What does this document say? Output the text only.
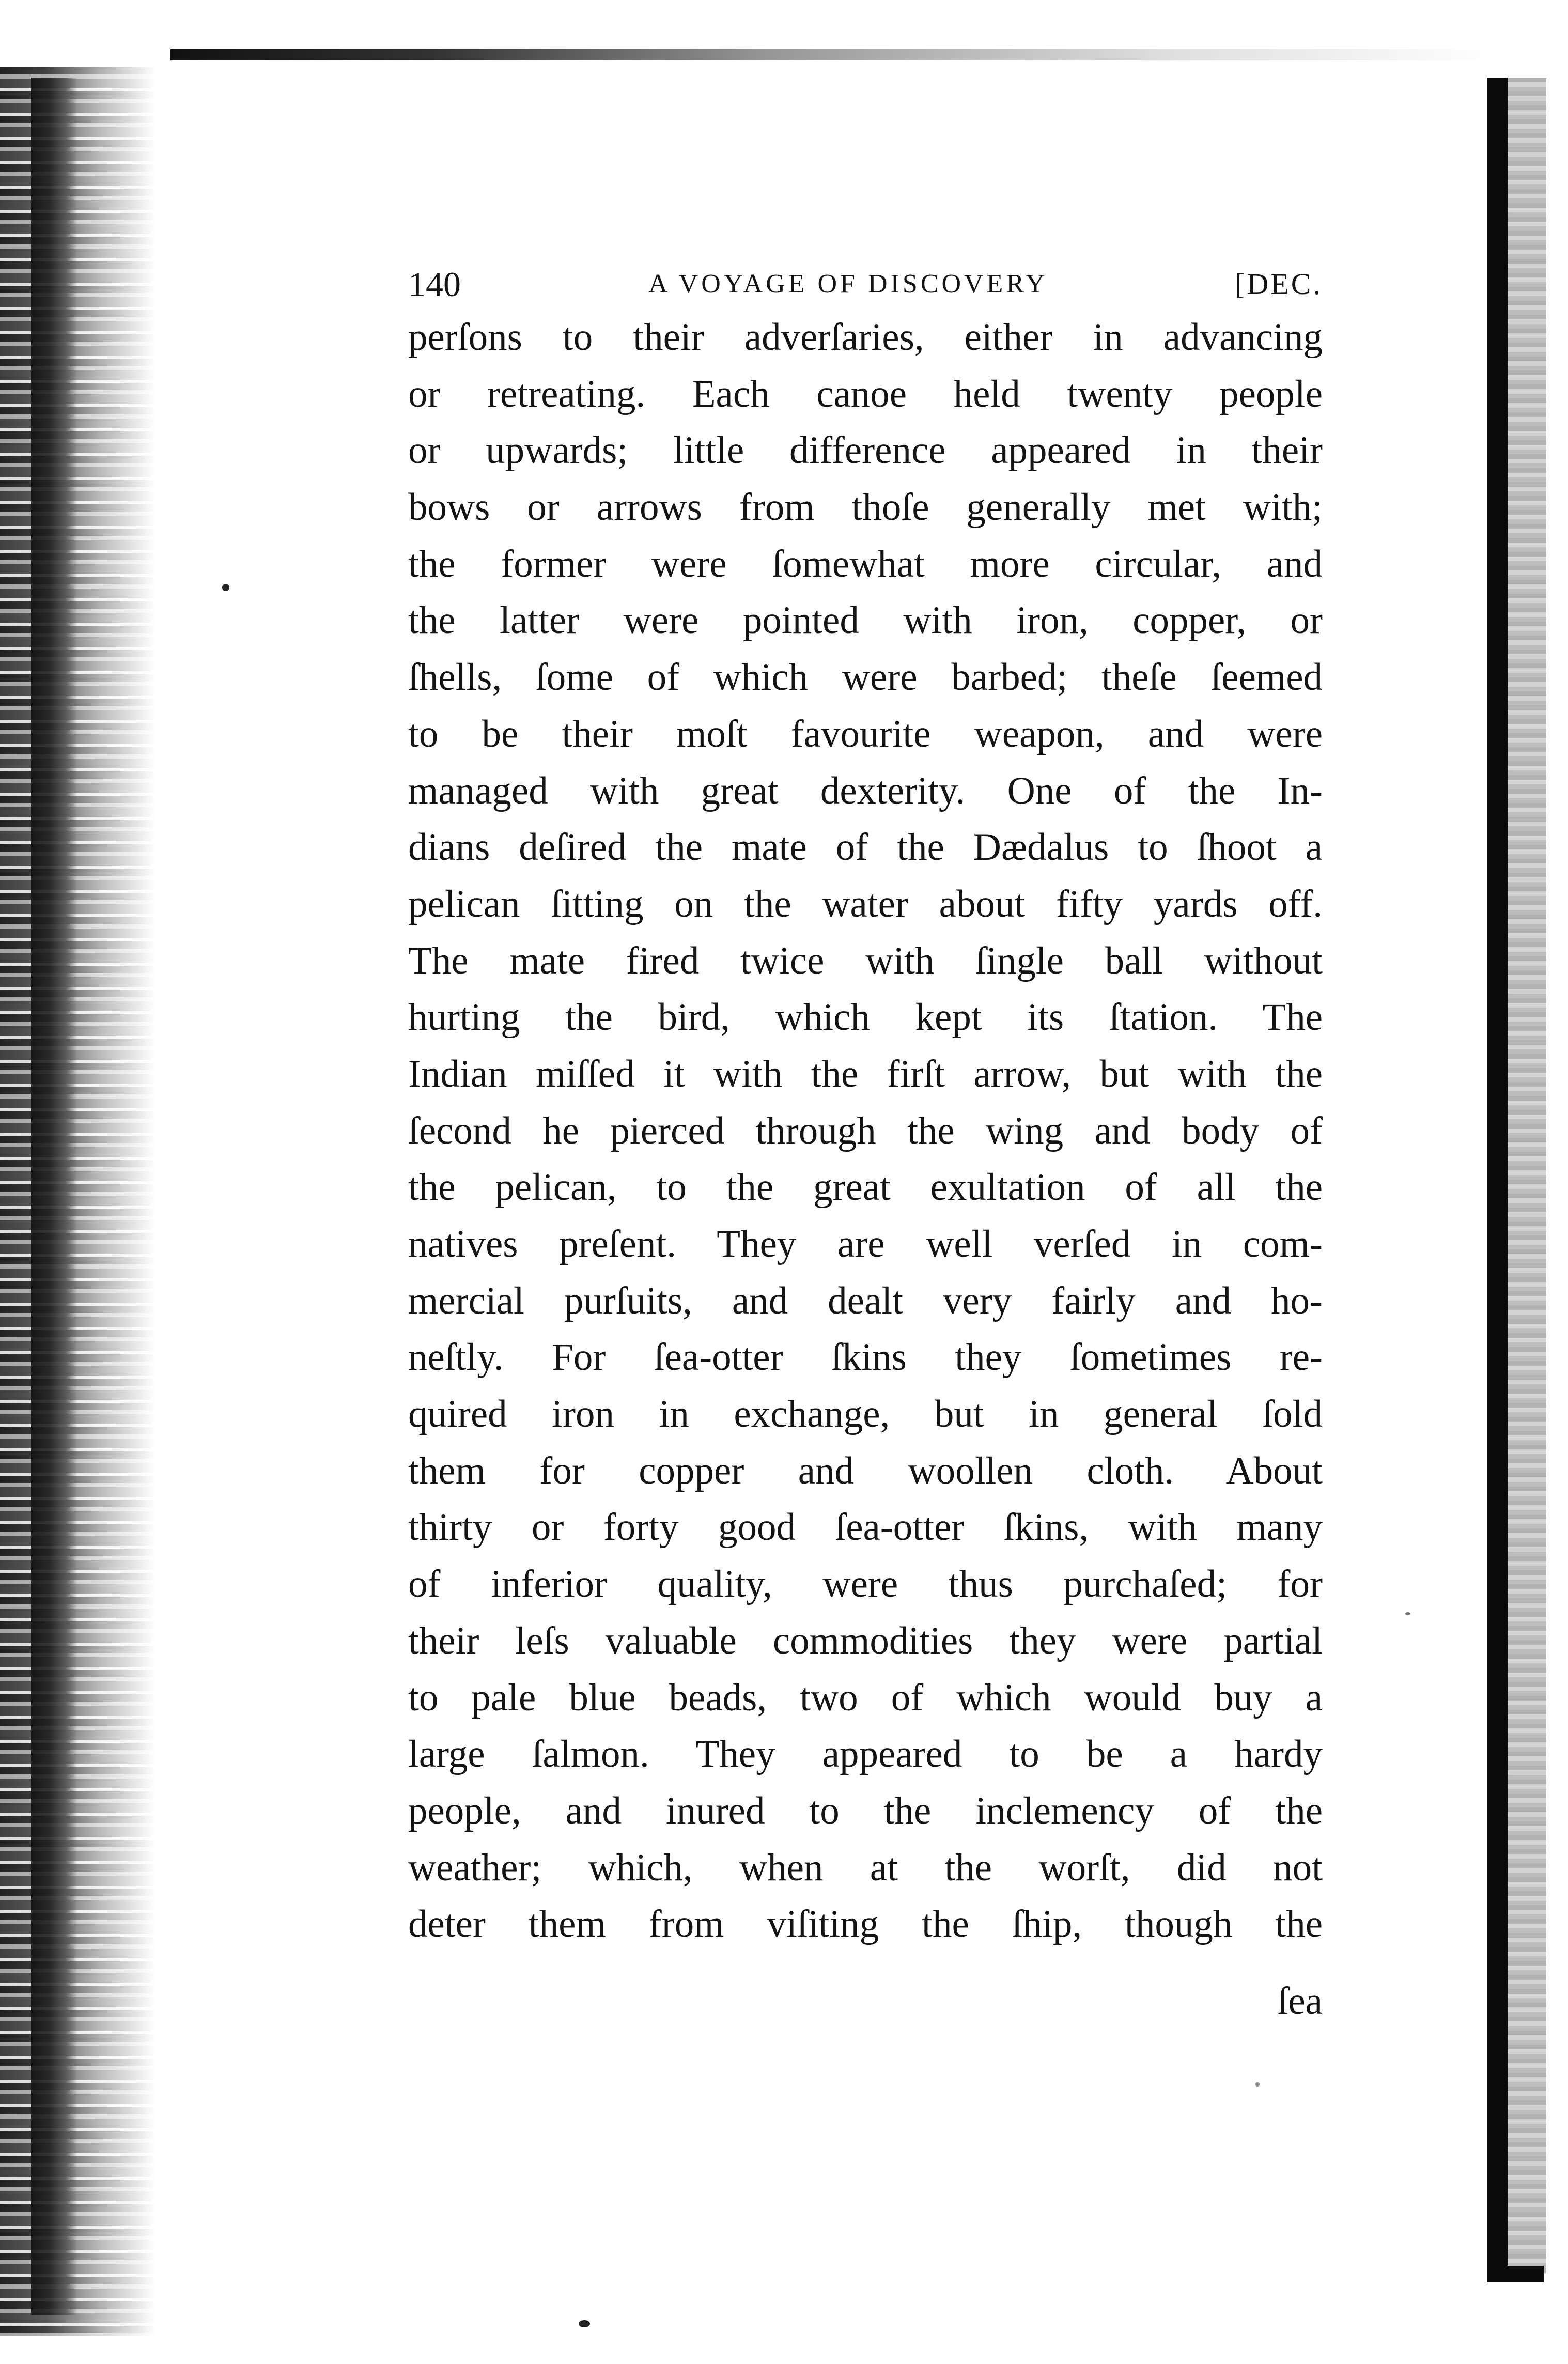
140	A VOYAGE OF DISCOVERY	[DEC.
perſons to their adverſaries, either in advancing
or retreating. Each canoe held twenty people
or upwards; little difference appeared in their
bows or arrows from thoſe generally met with;
the former were ſomewhat more circular, and
the latter were pointed with iron, copper, or
ſhells, ſome of which were barbed; theſe ſeemed
to be their moſt favourite weapon, and were
managed with great dexterity. One of the In-
dians deſired the mate of the Dædalus to ſhoot a
pelican ſitting on the water about fifty yards off.
The mate fired twice with ſingle ball without
hurting the bird, which kept its ſtation. The
Indian miſſed it with the firſt arrow, but with the
ſecond he pierced through the wing and body of
the pelican, to the great exultation of all the
natives preſent. They are well verſed in com-
mercial purſuits, and dealt very fairly and ho-
neſtly. For ſea-otter ſkins they ſometimes re-
quired iron in exchange, but in general ſold
them for copper and woollen cloth. About
thirty or forty good ſea-otter ſkins, with many
of inferior quality, were thus purchaſed; for
their leſs valuable commodities they were partial
to pale blue beads, two of which would buy a
large ſalmon. They appeared to be a hardy
people, and inured to the inclemency of the
weather; which, when at the worſt, did not
deter them from viſiting the ſhip, though the
ſea
